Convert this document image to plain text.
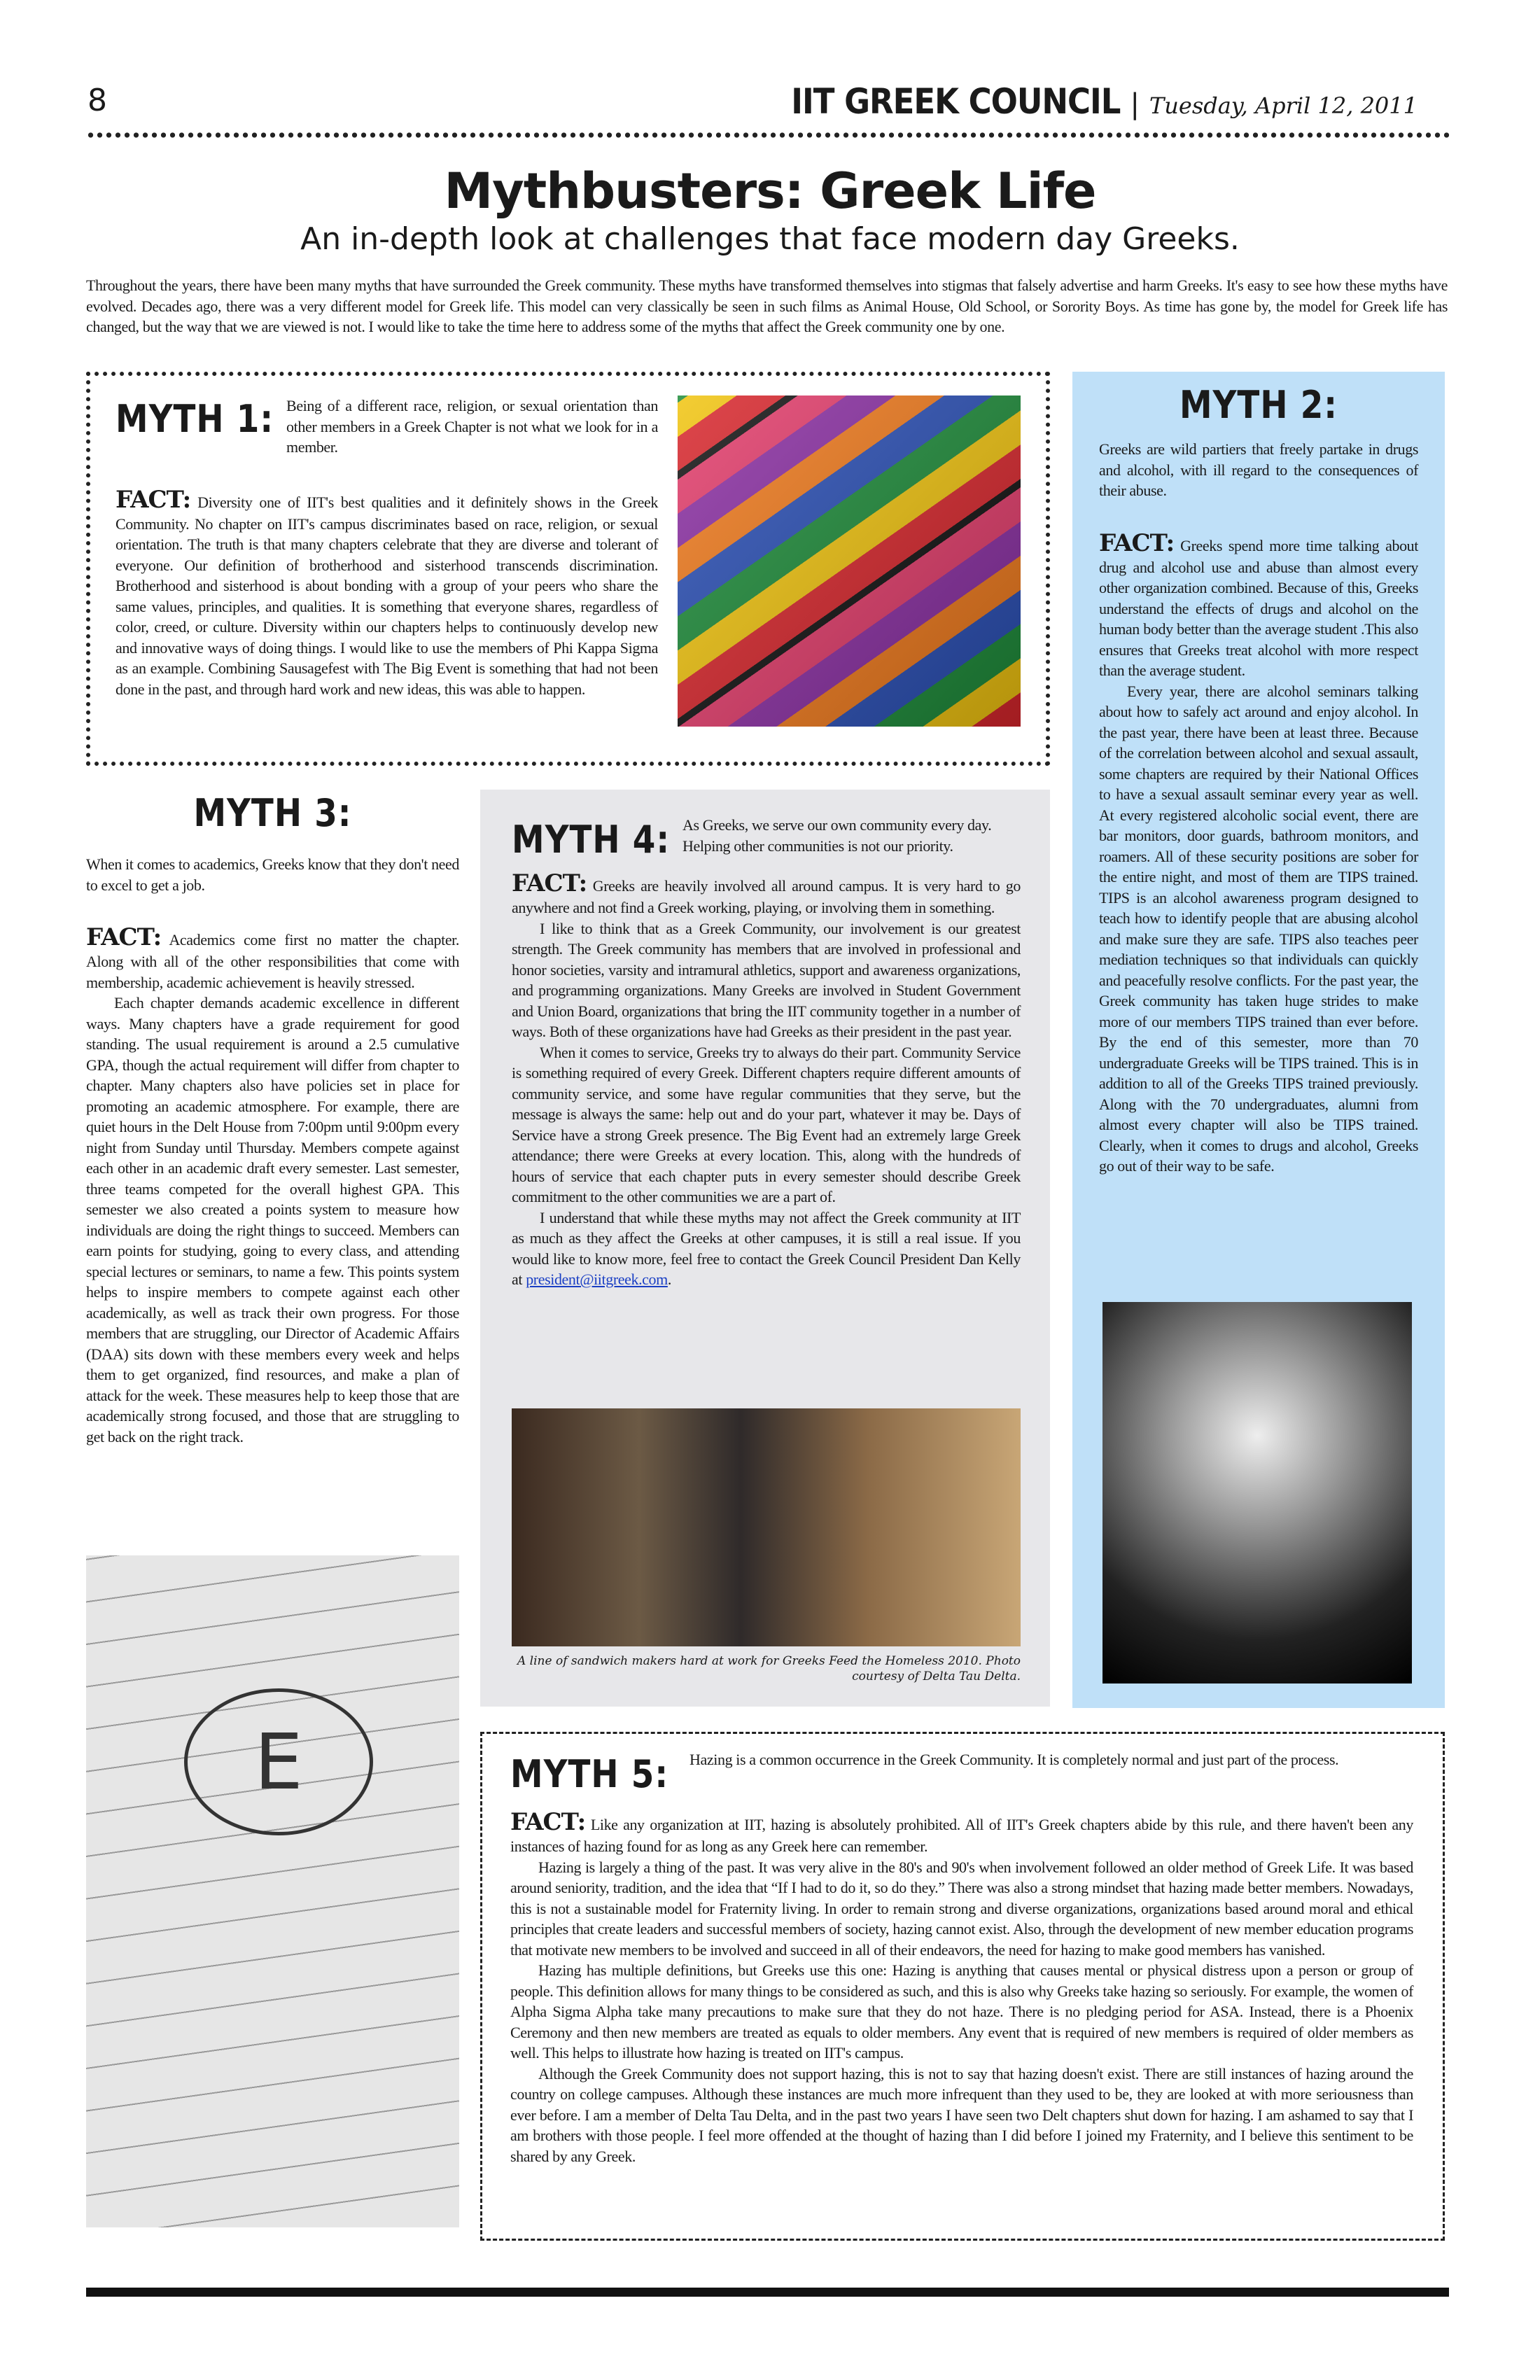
8	IIT GREEK COUNCIL | Tuesday, April 12, 2011
Mythbusters: Greek Life
An in-depth look at challenges that face modern day Greeks.

Throughout the years, there have been many myths that have surrounded the Greek community. These myths have transformed themselves into stigmas that falsely advertise and harm Greeks. It's easy to see how these myths have evolved. Decades ago, there was a very different model for Greek life. This model can very classically be seen in such films as Animal House, Old School, or Sorority Boys. As time has gone by, the model for Greek life has changed, but the way that we are viewed is not. I would like to take the time here to address some of the myths that affect the Greek community one by one.

MYTH 1: Being of a different race, religion, or sexual orientation than other members in a Greek Chapter is not what we look for in a member.

FACT: Diversity one of IIT's best qualities and it definitely shows in the Greek Community. No chapter on IIT's campus discriminates based on race, religion, or sexual orientation. The truth is that many chapters celebrate that they are diverse and tolerant of everyone. Our definition of brotherhood and sisterhood transcends discrimination. Brotherhood and sisterhood is about bonding with a group of your peers who share the same values, principles, and qualities. It is something that everyone shares, regardless of color, creed, or culture. Diversity within our chapters helps to continuously develop new and innovative ways of doing things. I would like to use the members of Phi Kappa Sigma as an example. Combining Sausagefest with The Big Event is something that had not been done in the past, and through hard work and new ideas, this was able to happen.

MYTH 2:

Greeks are wild partiers that freely partake in drugs and alcohol, with ill regard to the consequences of their abuse.

FACT: Greeks spend more time talking about drug and alcohol use and abuse than almost every other organization combined. Because of this, Greeks understand the effects of drugs and alcohol on the human body better than the average student .This also ensures that Greeks treat alcohol with more respect than the average student.

Every year, there are alcohol seminars talking about how to safely act around and enjoy alcohol. In the past year, there have been at least three. Because of the correlation between alcohol and sexual assault, some chapters are required by their National Offices to have a sexual assault seminar every year as well. At every registered alcoholic social event, there are bar monitors, door guards, bathroom monitors, and roamers. All of these security positions are sober for the entire night, and most of them are TIPS trained. TIPS is an alcohol awareness program designed to teach how to identify people that are abusing alcohol and make sure they are safe. TIPS also teaches peer mediation techniques so that individuals can quickly and peacefully resolve conflicts. For the past year, the Greek community has taken huge strides to make more of our members TIPS trained than ever before. By the end of this semester, more than 70 undergraduate Greeks will be TIPS trained. This is in addition to all of the Greeks TIPS trained previously. Along with the 70 undergraduates, alumni from almost every chapter will also be TIPS trained. Clearly, when it comes to drugs and alcohol, Greeks go out of their way to be safe.

MYTH 3:

When it comes to academics, Greeks know that they don't need to excel to get a job.

FACT: Academics come first no matter the chapter. Along with all of the other responsibilities that come with membership, academic achievement is heavily stressed.

Each chapter demands academic excellence in different ways. Many chapters have a grade requirement for good standing. The usual requirement is around a 2.5 cumulative GPA, though the actual requirement will differ from chapter to chapter. Many chapters also have policies set in place for promoting an academic atmosphere. For example, there are quiet hours in the Delt House from 7:00pm until 9:00pm every night from Sunday until Thursday. Members compete against each other in an academic draft every semester. Last semester, three teams competed for the overall highest GPA. This semester we also created a points system to measure how individuals are doing the right things to succeed. Members can earn points for studying, going to every class, and attending special lectures or seminars, to name a few. This points system helps to inspire members to compete against each other academically, as well as track their own progress. For those members that are struggling, our Director of Academic Affairs (DAA) sits down with these members every week and helps them to get organized, find resources, and make a plan of attack for the week. These measures help to keep those that are academically strong focused, and those that are struggling to get back on the right track.

E
MYTH 4: As Greeks, we serve our own community every day. Helping other communities is not our priority.

FACT: Greeks are heavily involved all around campus. It is very hard to go anywhere and not find a Greek working, playing, or involving them in something.

I like to think that as a Greek Community, our involvement is our greatest strength. The Greek community has members that are involved in professional and honor societies, varsity and intramural athletics, support and awareness organizations, and programming organizations. Many Greeks are involved in Student Government and Union Board, organizations that bring the IIT community together in a number of ways. Both of these organizations have had Greeks as their president in the past year.

When it comes to service, Greeks try to always do their part. Community Service is something required of every Greek. Different chapters require different amounts of community service, and some have regular communities that they serve, but the message is always the same: help out and do your part, whatever it may be. Days of Service have a strong Greek presence. The Big Event had an extremely large Greek attendance; there were Greeks at every location. This, along with the hundreds of hours of service that each chapter puts in every semester should describe Greek commitment to the other communities we are a part of.

I understand that while these myths may not affect the Greek community at IIT as much as they affect the Greeks at other campuses, it is still a real issue. If you would like to know more, feel free to contact the Greek Council President Dan Kelly at president@iitgreek.com.

A line of sandwich makers hard at work for Greeks Feed the Homeless 2010. Photo courtesy of Delta Tau Delta.
MYTH 5: Hazing is a common occurrence in the Greek Community. It is completely normal and just part of the process.

FACT: Like any organization at IIT, hazing is absolutely prohibited. All of IIT's Greek chapters abide by this rule, and there haven't been any instances of hazing found for as long as any Greek here can remember.

Hazing is largely a thing of the past. It was very alive in the 80's and 90's when involvement followed an older method of Greek Life. It was based around seniority, tradition, and the idea that “If I had to do it, so do they.” There was also a strong mindset that hazing made better members. Nowadays, this is not a sustainable model for Fraternity living. In order to remain strong and diverse organizations, organizations based around moral and ethical principles that create leaders and successful members of society, hazing cannot exist. Also, through the development of new member education programs that motivate new members to be involved and succeed in all of their endeavors, the need for hazing to make good members has vanished.

Hazing has multiple definitions, but Greeks use this one: Hazing is anything that causes mental or physical distress upon a person or group of people. This definition allows for many things to be considered as such, and this is also why Greeks take hazing so seriously. For example, the women of Alpha Sigma Alpha take many precautions to make sure that they do not haze. There is no pledging period for ASA. Instead, there is a Phoenix Ceremony and then new members are treated as equals to older members. Any event that is required of new members is required of older members as well. This helps to illustrate how hazing is treated on IIT's campus.

Although the Greek Community does not support hazing, this is not to say that hazing doesn't exist. There are still instances of hazing around the country on college campuses. Although these instances are much more infrequent than they used to be, they are looked at with more seriousness than ever before. I am a member of Delta Tau Delta, and in the past two years I have seen two Delt chapters shut down for hazing. I am ashamed to say that I am brothers with those people. I feel more offended at the thought of hazing than I did before I joined my Fraternity, and I believe this sentiment to be shared by any Greek.
